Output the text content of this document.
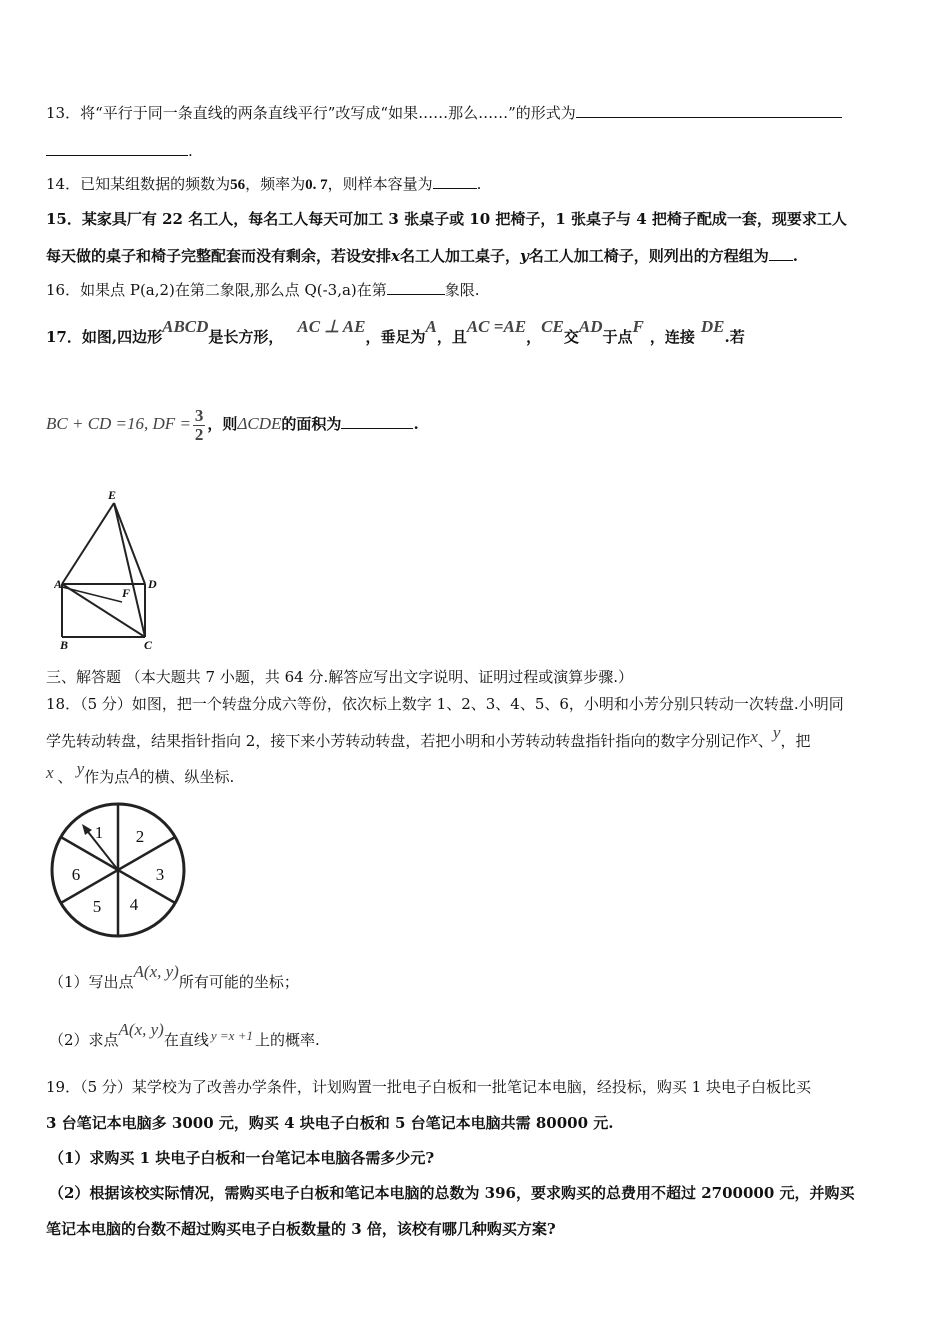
13．将“平行于同一条直线的两条直线平行”改写成“如果……那么……”的形式为
.
14．已知某组数据的频数为56，频率为0. 7，则样本容量为	.
15．某家具厂有 22 名工人，每名工人每天可加工 3 张桌子或 10 把椅子，1 张桌子与 4 把椅子配成一套，现要求工人
每天做的桌子和椅子完整配套而没有剩余，若设安排x名工人加工桌子，y名工人加工椅子，则列出的方程组为 .
16．如果点 P(a,2)在第二象限,那么点 Q(-3,a)在第	象限.
17．如图,四边形ABCD是长方形，AC ⊥ AE，垂足为A，且AC =AE，CE交AD于点F，连接DE.若
BC + CD =16, DF = $\frac{3}{2}$ ，则ΔCDE的面积为	.
E
A	D
F
B	C
三、解答题 （本大题共 7 小题，共 64 分.解答应写出文字说明、证明过程或演算步骤.）
18．（5 分）如图，把一个转盘分成六等份，依次标上数字 1、2、3、4、5、6，小明和小芳分别只转动一次转盘.小明同
学先转动转盘，结果指针指向 2，接下来小芳转动转盘，若把小明和小芳转动转盘指针指向的数字分别记作x、y，把
x 、 y作为点A的横、纵坐标.
1 2
3
4
5
6
（1）写出点A(x, y)所有可能的坐标；
（2）求点A(x, y)在直线 y =x +1 上的概率.
19．（5 分）某学校为了改善办学条件，计划购置一批电子白板和一批笔记本电脑，经投标，购买 1 块电子白板比买
3 台笔记本电脑多 3000 元，购买 4 块电子白板和 5 台笔记本电脑共需 80000 元.
（1）求购买 1 块电子白板和一台笔记本电脑各需多少元?
（2）根据该校实际情况，需购买电子白板和笔记本电脑的总数为 396，要求购买的总费用不超过 2700000 元，并购买
笔记本电脑的台数不超过购买电子白板数量的 3 倍，该校有哪几种购买方案?
